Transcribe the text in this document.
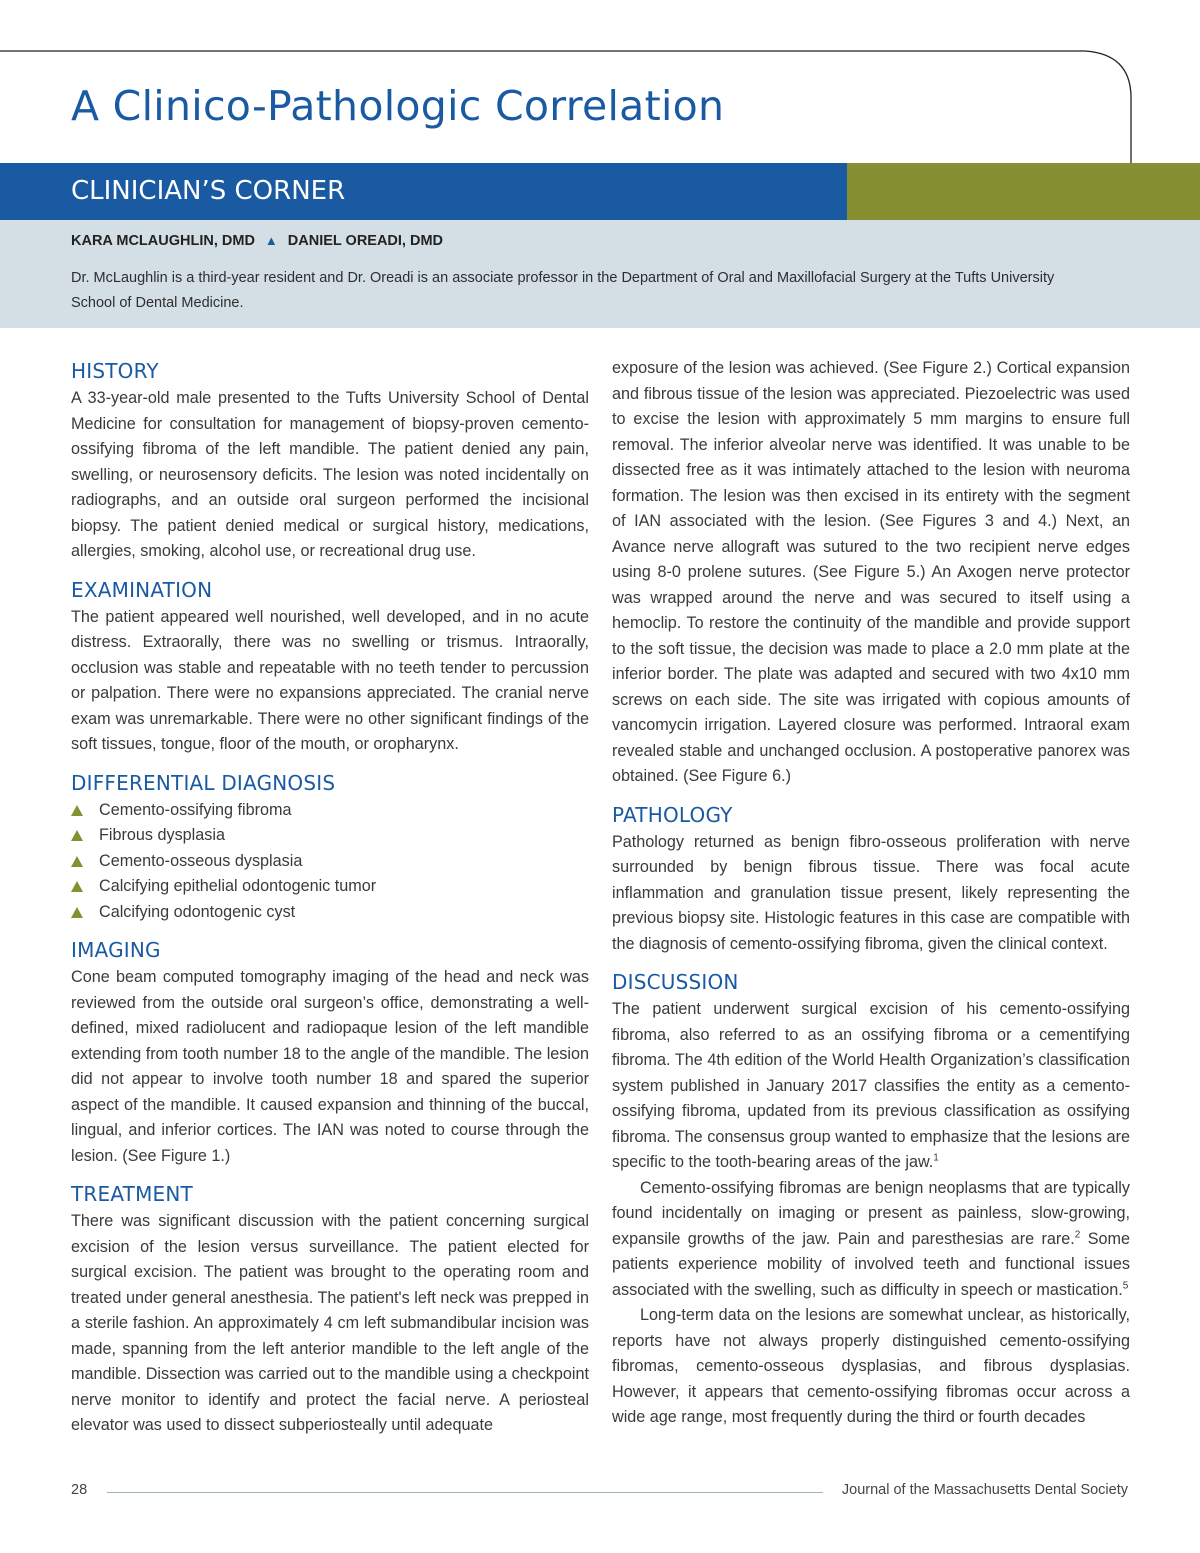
A Clinico-Pathologic Correlation
CLINICIAN’S CORNER
KARA MCLAUGHLIN, DMD ▲ DANIEL OREADI, DMD
Dr. McLaughlin is a third-year resident and Dr. Oreadi is an associate professor in the Department of Oral and Maxillofacial Surgery at the Tufts University School of Dental Medicine.
HISTORY

A 33-year-old male presented to the Tufts University School of Dental Medicine for consultation for management of biopsy-proven cemento-ossifying fibroma of the left mandible. The patient denied any pain, swelling, or neurosensory deficits. The lesion was noted incidentally on radiographs, and an outside oral surgeon performed the incisional biopsy. The patient denied medical or surgical history, medications, allergies, smoking, alcohol use, or recreational drug use.

EXAMINATION

The patient appeared well nourished, well developed, and in no acute distress. Extraorally, there was no swelling or trismus. Intraorally, occlusion was stable and repeatable with no teeth tender to percussion or palpation. There were no expansions appreciated. The cranial nerve exam was unremarkable. There were no other significant findings of the soft tissues, tongue, floor of the mouth, or oropharynx.

DIFFERENTIAL DIAGNOSIS
Cemento-ossifying fibroma
Fibrous dysplasia
Cemento-osseous dysplasia
Calcifying epithelial odontogenic tumor
Calcifying odontogenic cyst
IMAGING

Cone beam computed tomography imaging of the head and neck was reviewed from the outside oral surgeon’s office, demonstrating a well-defined, mixed radiolucent and radiopaque lesion of the left mandible extending from tooth number 18 to the angle of the mandible. The lesion did not appear to involve tooth number 18 and spared the superior aspect of the mandible. It caused expansion and thinning of the buccal, lingual, and inferior cortices. The IAN was noted to course through the lesion. (See Figure 1.)

TREATMENT

There was significant discussion with the patient concerning surgical excision of the lesion versus surveillance. The patient elected for surgical excision. The patient was brought to the operating room and treated under general anesthesia. The patient's left neck was prepped in a sterile fashion. An approximately 4 cm left submandibular incision was made, spanning from the left anterior mandible to the left angle of the mandible. Dissection was carried out to the mandible using a checkpoint nerve monitor to identify and protect the facial nerve. A periosteal elevator was used to dissect subperiosteally until adequate

exposure of the lesion was achieved. (See Figure 2.) Cortical expansion and fibrous tissue of the lesion was appreciated. Piezoelectric was used to excise the lesion with approximately 5 mm margins to ensure full removal. The inferior alveolar nerve was identified. It was unable to be dissected free as it was intimately attached to the lesion with neuroma formation. The lesion was then excised in its entirety with the segment of IAN associated with the lesion. (See Figures 3 and 4.) Next, an Avance nerve allograft was sutured to the two recipient nerve edges using 8-0 prolene sutures. (See Figure 5.) An Axogen nerve protector was wrapped around the nerve and was secured to itself using a hemoclip. To restore the continuity of the mandible and provide support to the soft tissue, the decision was made to place a 2.0 mm plate at the inferior border. The plate was adapted and secured with two 4x10 mm screws on each side. The site was irrigated with copious amounts of vancomycin irrigation. Layered closure was performed. Intraoral exam revealed stable and unchanged occlusion. A postoperative panorex was obtained. (See Figure 6.)

PATHOLOGY

Pathology returned as benign fibro-osseous proliferation with nerve surrounded by benign fibrous tissue. There was focal acute inflammation and granulation tissue present, likely representing the previous biopsy site. Histologic features in this case are compatible with the diagnosis of cemento-ossifying fibroma, given the clinical context.

DISCUSSION

The patient underwent surgical excision of his cemento-ossifying fibroma, also referred to as an ossifying fibroma or a cementifying fibroma. The 4th edition of the World Health Organization’s classification system published in January 2017 classifies the entity as a cemento-ossifying fibroma, updated from its previous classification as ossifying fibroma. The consensus group wanted to emphasize that the lesions are specific to the tooth-bearing areas of the jaw.$^1$

Cemento-ossifying fibromas are benign neoplasms that are typically found incidentally on imaging or present as painless, slow-growing, expansile growths of the jaw. Pain and paresthesias are rare.$^2$ Some patients experience mobility of involved teeth and functional issues associated with the swelling, such as difficulty in speech or mastication.$^5$

Long-term data on the lesions are somewhat unclear, as historically, reports have not always properly distinguished cemento-ossifying fibromas, cemento-osseous dysplasias, and fibrous dysplasias. However, it appears that cemento-ossifying fibromas occur across a wide age range, most frequently during the third or fourth decades

28	Journal of the Massachusetts Dental Society
